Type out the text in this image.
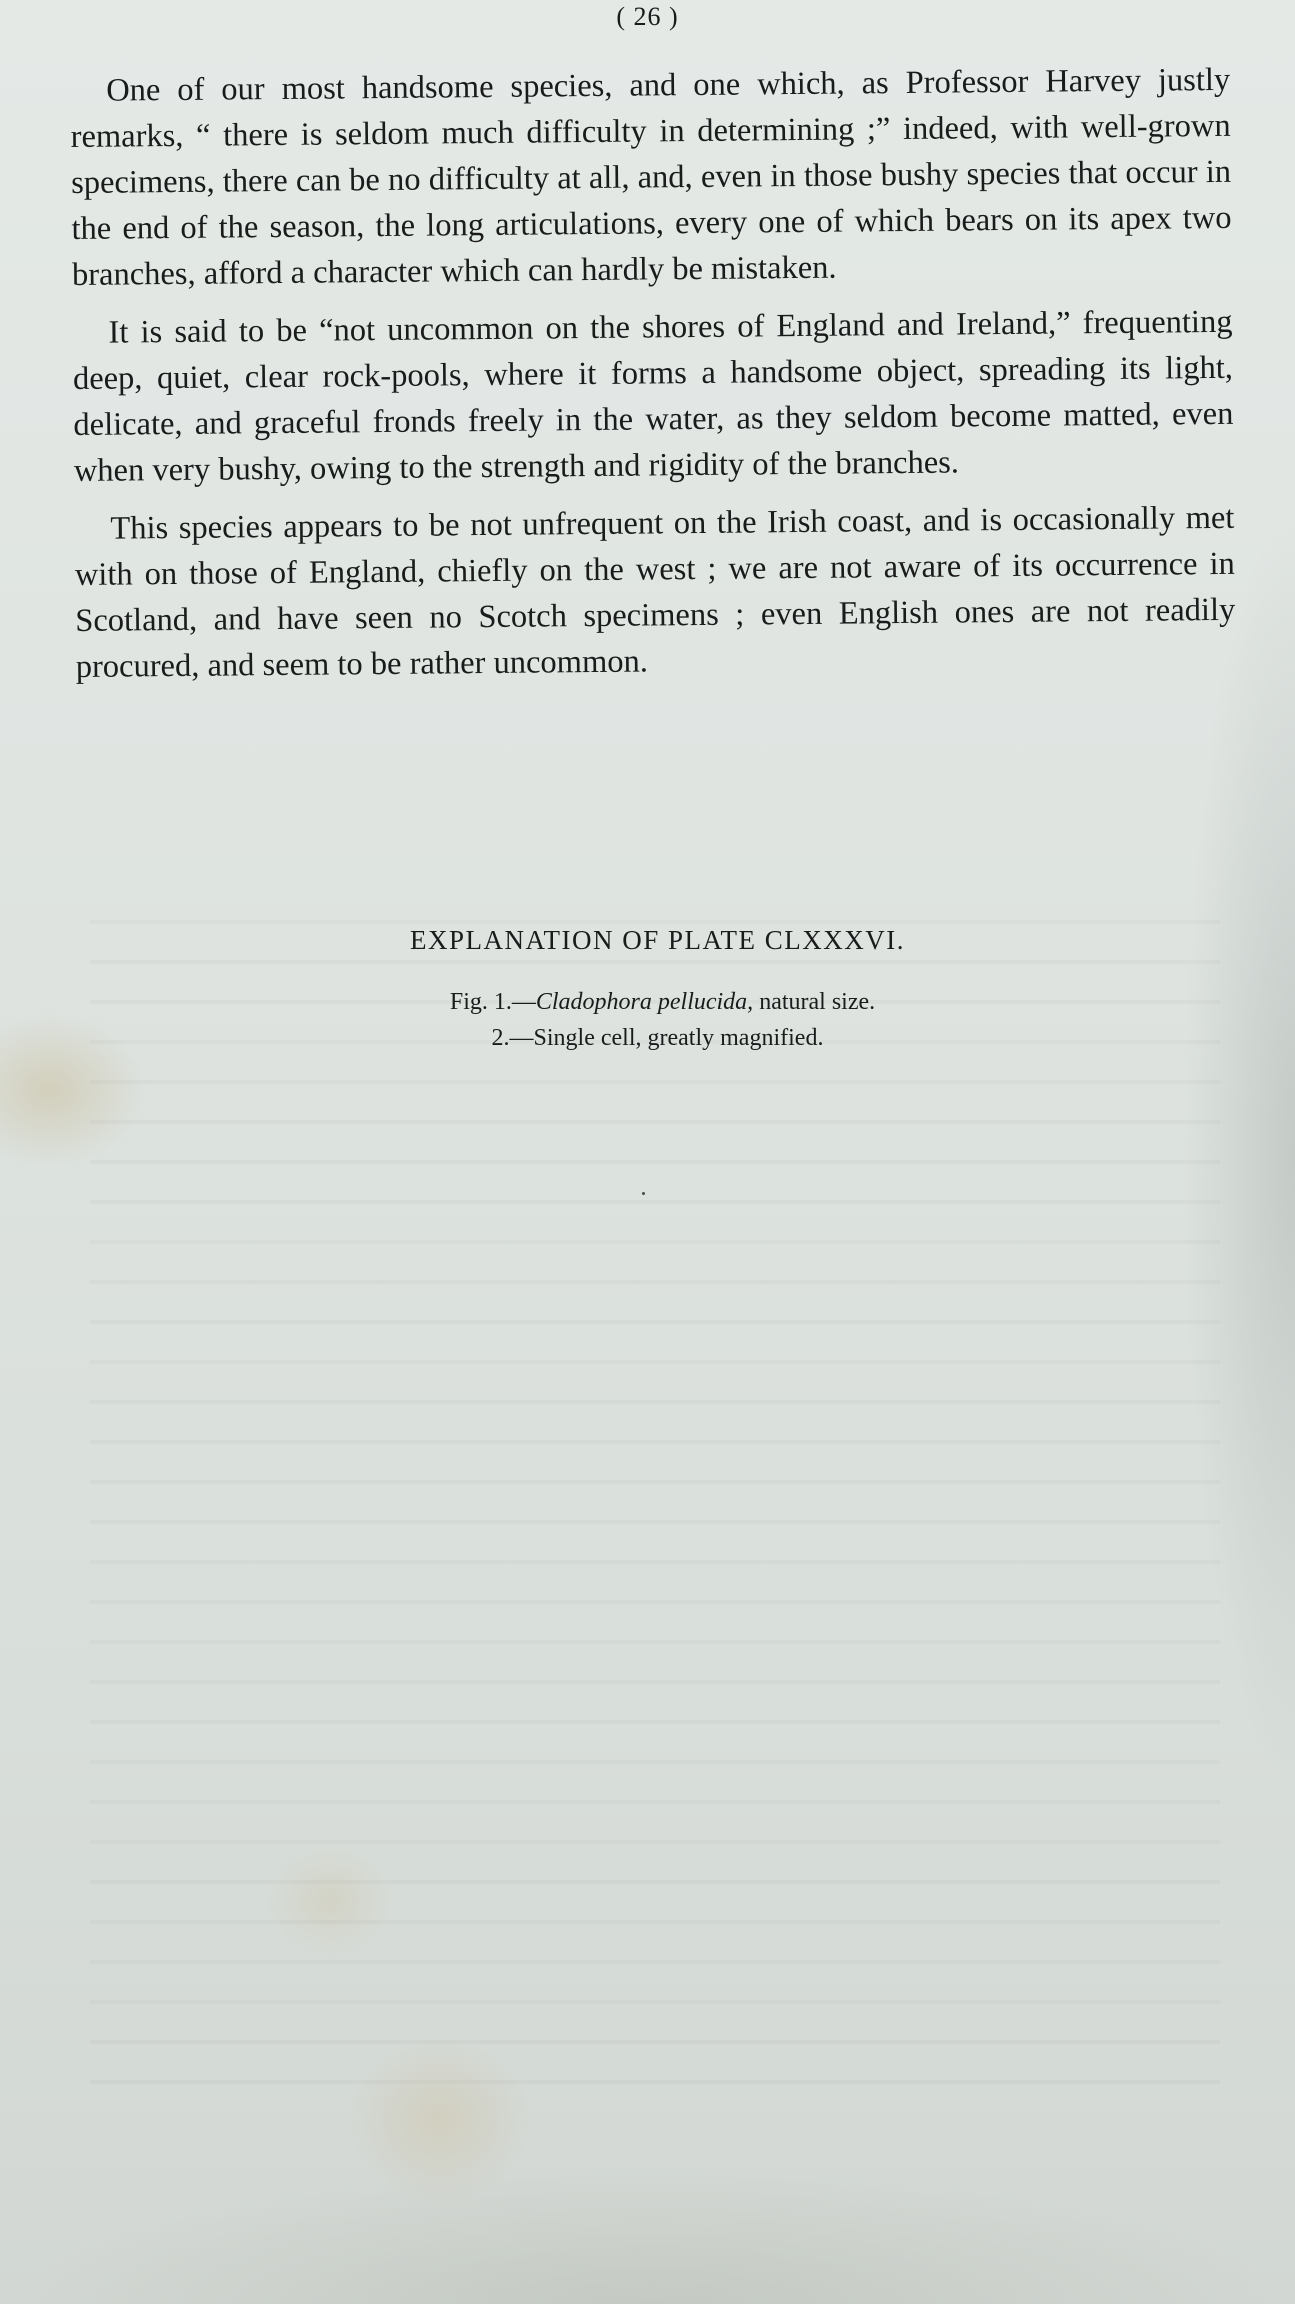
( 26 )

One of our most handsome species, and one which, as Professor Harvey justly remarks, “ there is seldom much difficulty in determining ;” indeed, with well-grown specimens, there can be no difficulty at all, and, even in those bushy species that occur in the end of the season, the long articulations, every one of which bears on its apex two branches, afford a character which can hardly be mistaken.

It is said to be “not uncommon on the shores of England and Ireland,” frequenting deep, quiet, clear rock-pools, where it forms a handsome object, spreading its light, delicate, and graceful fronds freely in the water, as they seldom become matted, even when very bushy, owing to the strength and rigidity of the branches.

This species appears to be not unfrequent on the Irish coast, and is occasionally met with on those of England, chiefly on the west ; we are not aware of its occurrence in Scotland, and have seen no Scotch specimens ; even English ones are not readily procured, and seem to be rather uncommon.

EXPLANATION OF PLATE CLXXXVI.

Fig. 1.—Cladophora pellucida, natural size.

2.—Single cell, greatly magnified.
